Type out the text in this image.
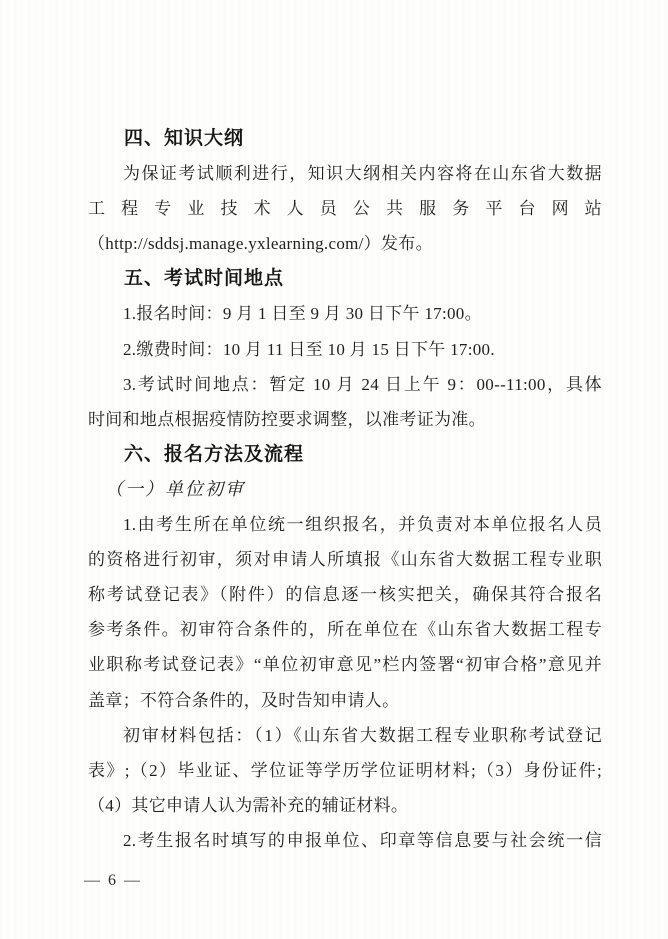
四、知识大纲
为保证考试顺利进行，知识大纲相关内容将在山东省大数据
工程专业技术人员公共服务平台网站
（http://sddsj.manage.yxlearning.com/）发布。
五、考试时间地点
1.报名时间：9 月 1 日至 9 月 30 日下午 17:00。
2.缴费时间：10 月 11 日至 10 月 15 日下午 17:00.
3.考试时间地点：暂定 10 月 24 日上午 9：00--11:00，具体
时间和地点根据疫情防控要求调整，以准考证为准。
六、报名方法及流程
（一）单位初审
1.由考生所在单位统一组织报名，并负责对本单位报名人员
的资格进行初审，须对申请人所填报《山东省大数据工程专业职
称考试登记表》（附件）的信息逐一核实把关，确保其符合报名
参考条件。初审符合条件的，所在单位在《山东省大数据工程专
业职称考试登记表》“单位初审意见”栏内签署“初审合格”意见并
盖章；不符合条件的，及时告知申请人。
初审材料包括：（1）《山东省大数据工程专业职称考试登记
表》;（2）毕业证、学位证等学历学位证明材料;（3）身份证件;
（4）其它申请人认为需补充的辅证材料。
2.考生报名时填写的申报单位、印章等信息要与社会统一信
— 6 —
